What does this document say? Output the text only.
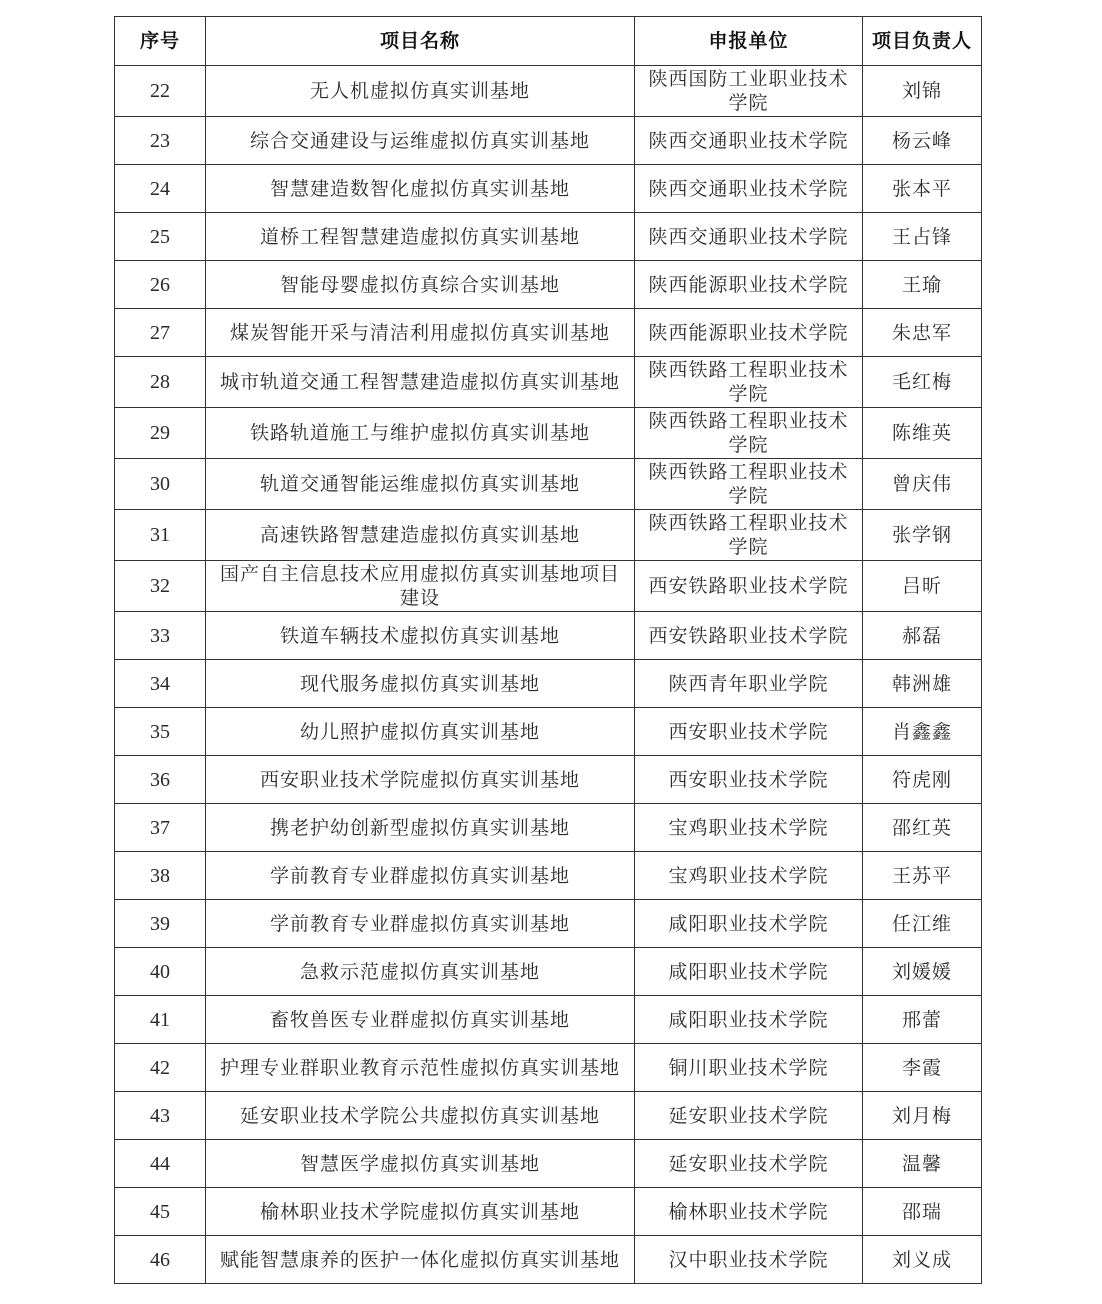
序号	项目名称	申报单位	项目负责人
22	无人机虚拟仿真实训基地	陕西国防工业职业技术学院	刘锦
23	综合交通建设与运维虚拟仿真实训基地	陕西交通职业技术学院	杨云峰
24	智慧建造数智化虚拟仿真实训基地	陕西交通职业技术学院	张本平
25	道桥工程智慧建造虚拟仿真实训基地	陕西交通职业技术学院	王占锋
26	智能母婴虚拟仿真综合实训基地	陕西能源职业技术学院	王瑜
27	煤炭智能开采与清洁利用虚拟仿真实训基地	陕西能源职业技术学院	朱忠军
28	城市轨道交通工程智慧建造虚拟仿真实训基地	陕西铁路工程职业技术学院	毛红梅
29	铁路轨道施工与维护虚拟仿真实训基地	陕西铁路工程职业技术学院	陈维英
30	轨道交通智能运维虚拟仿真实训基地	陕西铁路工程职业技术学院	曾庆伟
31	高速铁路智慧建造虚拟仿真实训基地	陕西铁路工程职业技术学院	张学钢
32	国产自主信息技术应用虚拟仿真实训基地项目建设	西安铁路职业技术学院	吕昕
33	铁道车辆技术虚拟仿真实训基地	西安铁路职业技术学院	郝磊
34	现代服务虚拟仿真实训基地	陕西青年职业学院	韩洲雄
35	幼儿照护虚拟仿真实训基地	西安职业技术学院	肖鑫鑫
36	西安职业技术学院虚拟仿真实训基地	西安职业技术学院	符虎刚
37	携老护幼创新型虚拟仿真实训基地	宝鸡职业技术学院	邵红英
38	学前教育专业群虚拟仿真实训基地	宝鸡职业技术学院	王苏平
39	学前教育专业群虚拟仿真实训基地	咸阳职业技术学院	任江维
40	急救示范虚拟仿真实训基地	咸阳职业技术学院	刘媛媛
41	畜牧兽医专业群虚拟仿真实训基地	咸阳职业技术学院	邢蕾
42	护理专业群职业教育示范性虚拟仿真实训基地	铜川职业技术学院	李霞
43	延安职业技术学院公共虚拟仿真实训基地	延安职业技术学院	刘月梅
44	智慧医学虚拟仿真实训基地	延安职业技术学院	温馨
45	榆林职业技术学院虚拟仿真实训基地	榆林职业技术学院	邵瑞
46	赋能智慧康养的医护一体化虚拟仿真实训基地	汉中职业技术学院	刘义成
